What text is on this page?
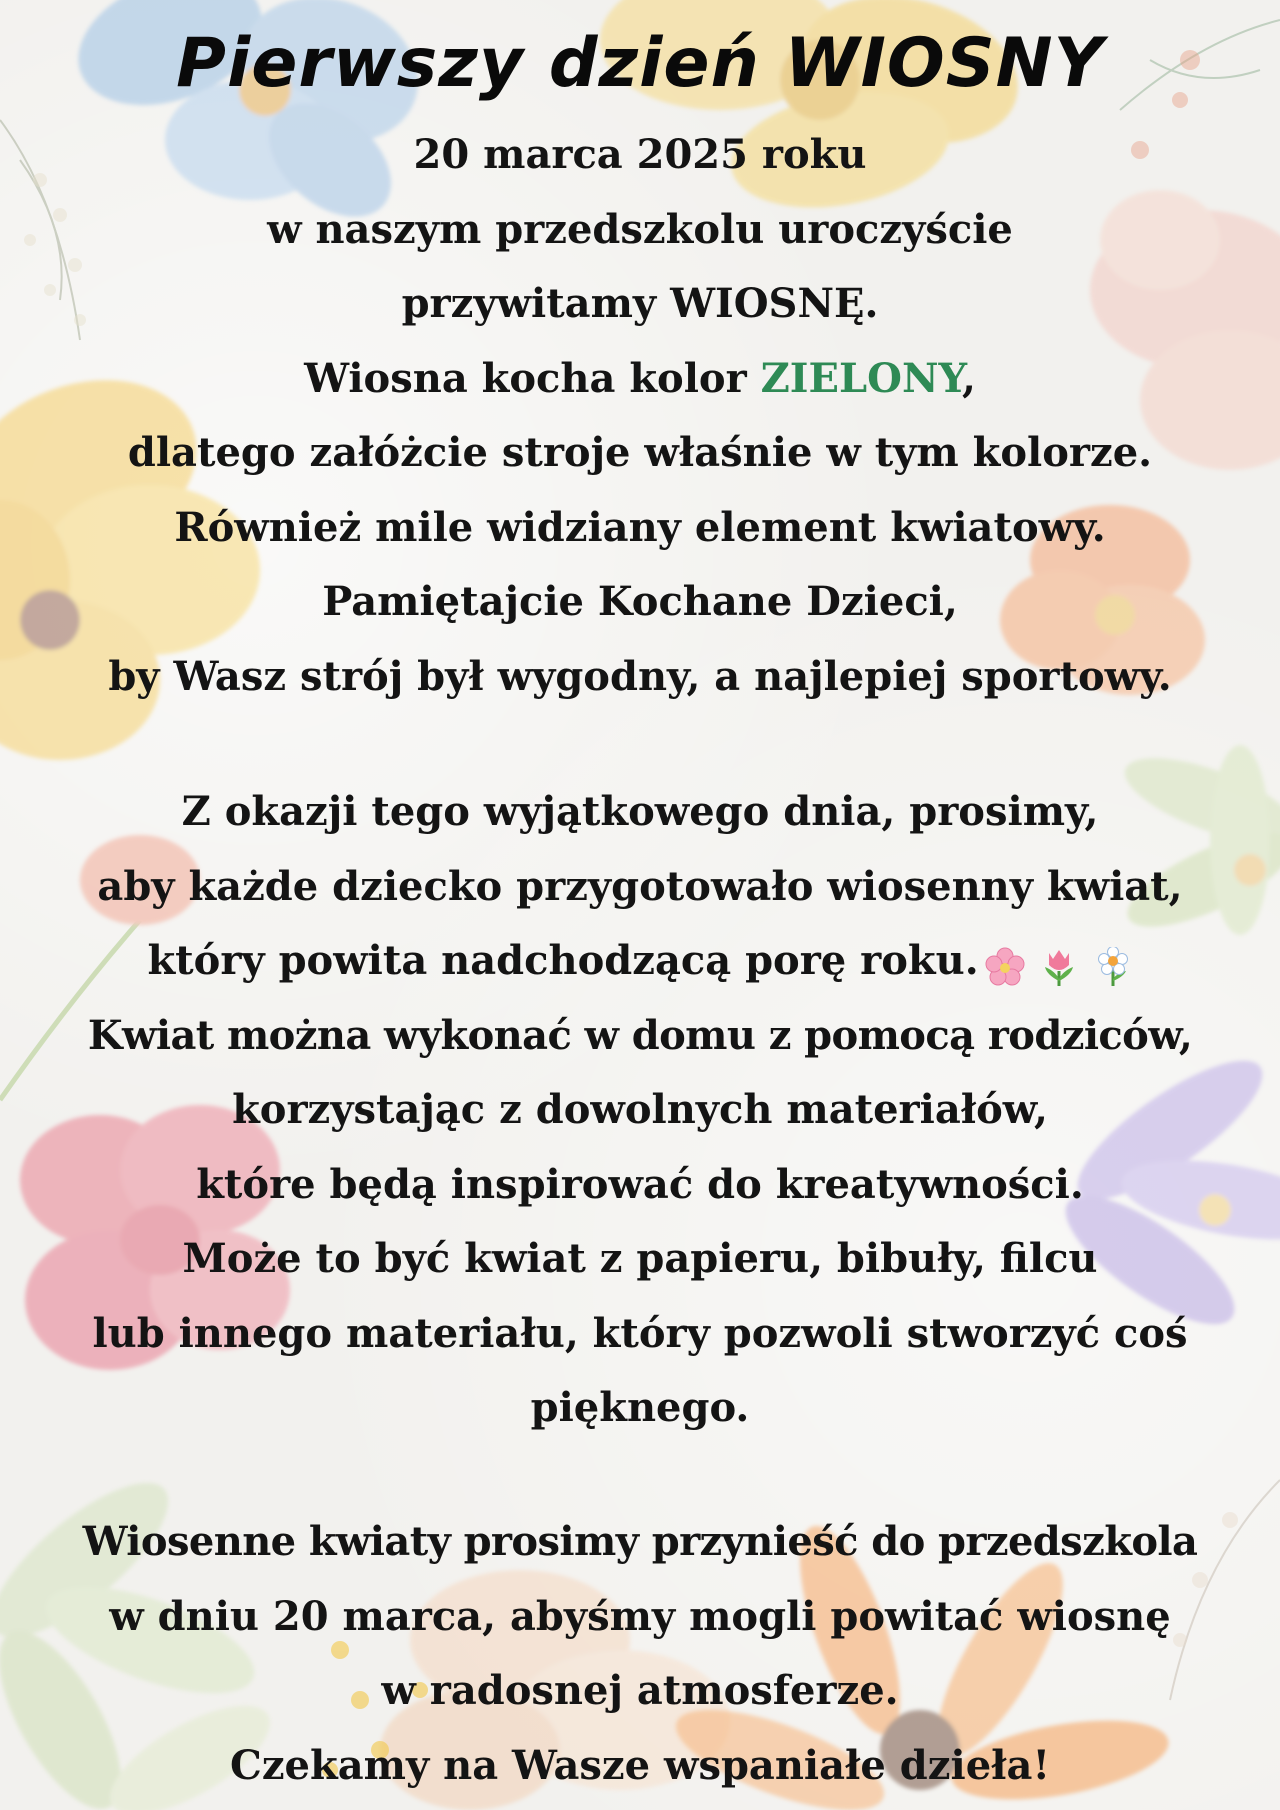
Pierwszy dzień WIOSNY
20 marca 2025 roku
w naszym przedszkolu uroczyście
przywitamy WIOSNĘ.
Wiosna kocha kolor ZIELONY,
dlatego załóżcie stroje właśnie w tym kolorze.
Również mile widziany element kwiatowy.
Pamiętajcie Kochane Dzieci,
by Wasz strój był wygodny, a najlepiej sportowy.
Z okazji tego wyjątkowego dnia, prosimy,
aby każde dziecko przygotowało wiosenny kwiat,
który powita nadchodzącą porę roku.
Kwiat można wykonać w domu z pomocą rodziców,
korzystając z dowolnych materiałów,
które będą inspirować do kreatywności.
Może to być kwiat z papieru, bibuły, filcu
lub innego materiału, który pozwoli stworzyć coś
pięknego.
Wiosenne kwiaty prosimy przynieść do przedszkola
w dniu 20 marca, abyśmy mogli powitać wiosnę
w radosnej atmosferze.
Czekamy na Wasze wspaniałe dzieła!
